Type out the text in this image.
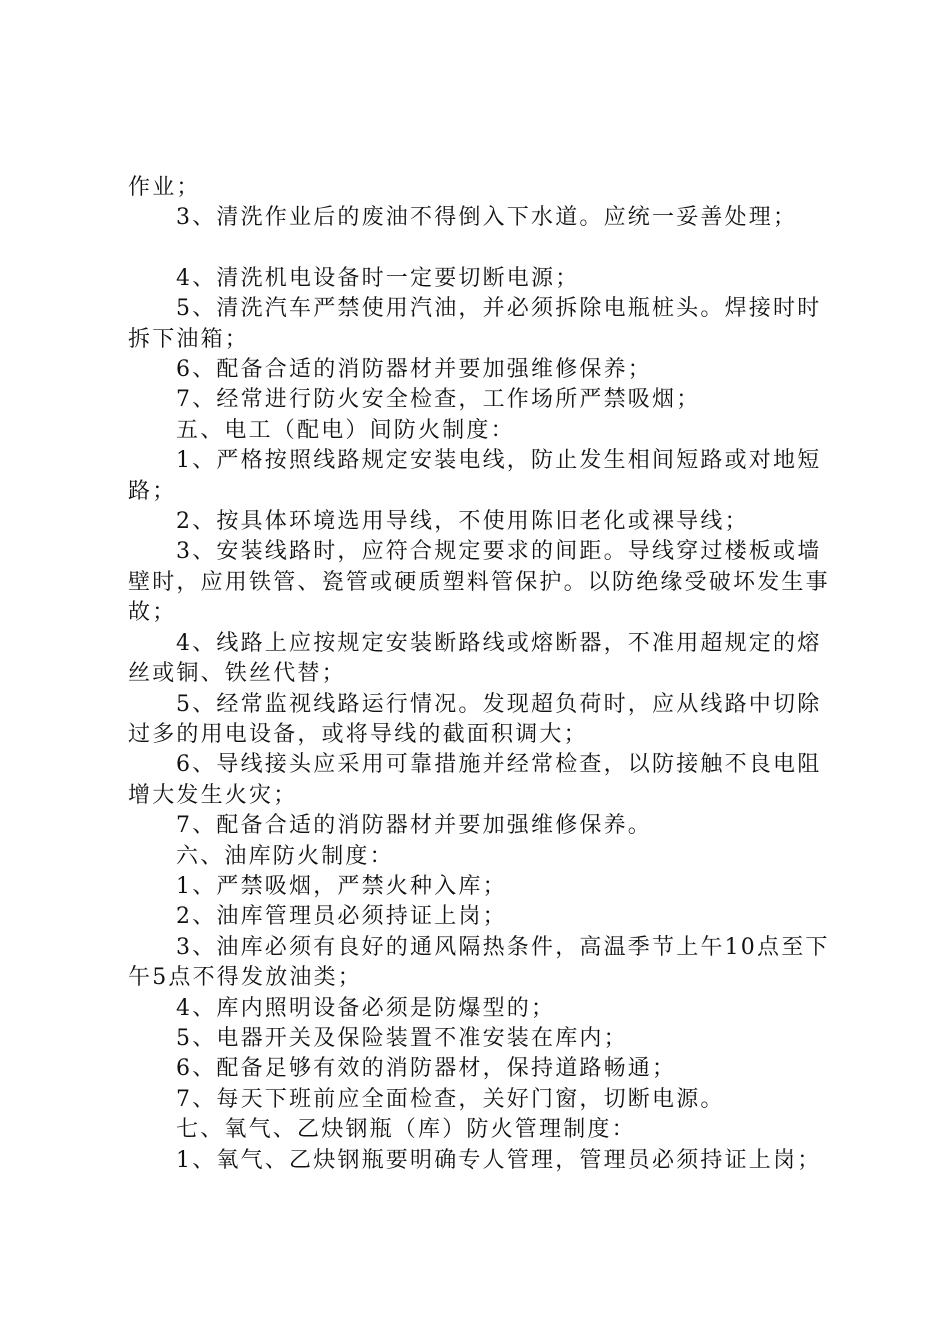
作业；

3、清洗作业后的废油不得倒入下水道。应统一妥善处理；

4、清洗机电设备时一定要切断电源；

5、清洗汽车严禁使用汽油，并必须拆除电瓶桩头。焊接时时拆下油箱；

6、配备合适的消防器材并要加强维修保养；

7、经常进行防火安全检查，工作场所严禁吸烟；

五、电工（配电）间防火制度：

1、严格按照线路规定安装电线，防止发生相间短路或对地短路；

2、按具体环境选用导线，不使用陈旧老化或裸导线；

3、安装线路时，应符合规定要求的间距。导线穿过楼板或墙壁时，应用铁管、瓷管或硬质塑料管保护。以防绝缘受破坏发生事故；

4、线路上应按规定安装断路线或熔断器，不准用超规定的熔丝或铜、铁丝代替；

5、经常监视线路运行情况。发现超负荷时，应从线路中切除过多的用电设备，或将导线的截面积调大；

6、导线接头应采用可靠措施并经常检查，以防接触不良电阻增大发生火灾；

7、配备合适的消防器材并要加强维修保养。

六、油库防火制度：

1、严禁吸烟，严禁火种入库；

2、油库管理员必须持证上岗；

3、油库必须有良好的通风隔热条件，高温季节上午10点至下午5点不得发放油类；

4、库内照明设备必须是防爆型的；

5、电器开关及保险装置不准安装在库内；

6、配备足够有效的消防器材，保持道路畅通；

7、每天下班前应全面检查，关好门窗，切断电源。

七、氧气、乙炔钢瓶（库）防火管理制度：

1、氧气、乙炔钢瓶要明确专人管理，管理员必须持证上岗；
